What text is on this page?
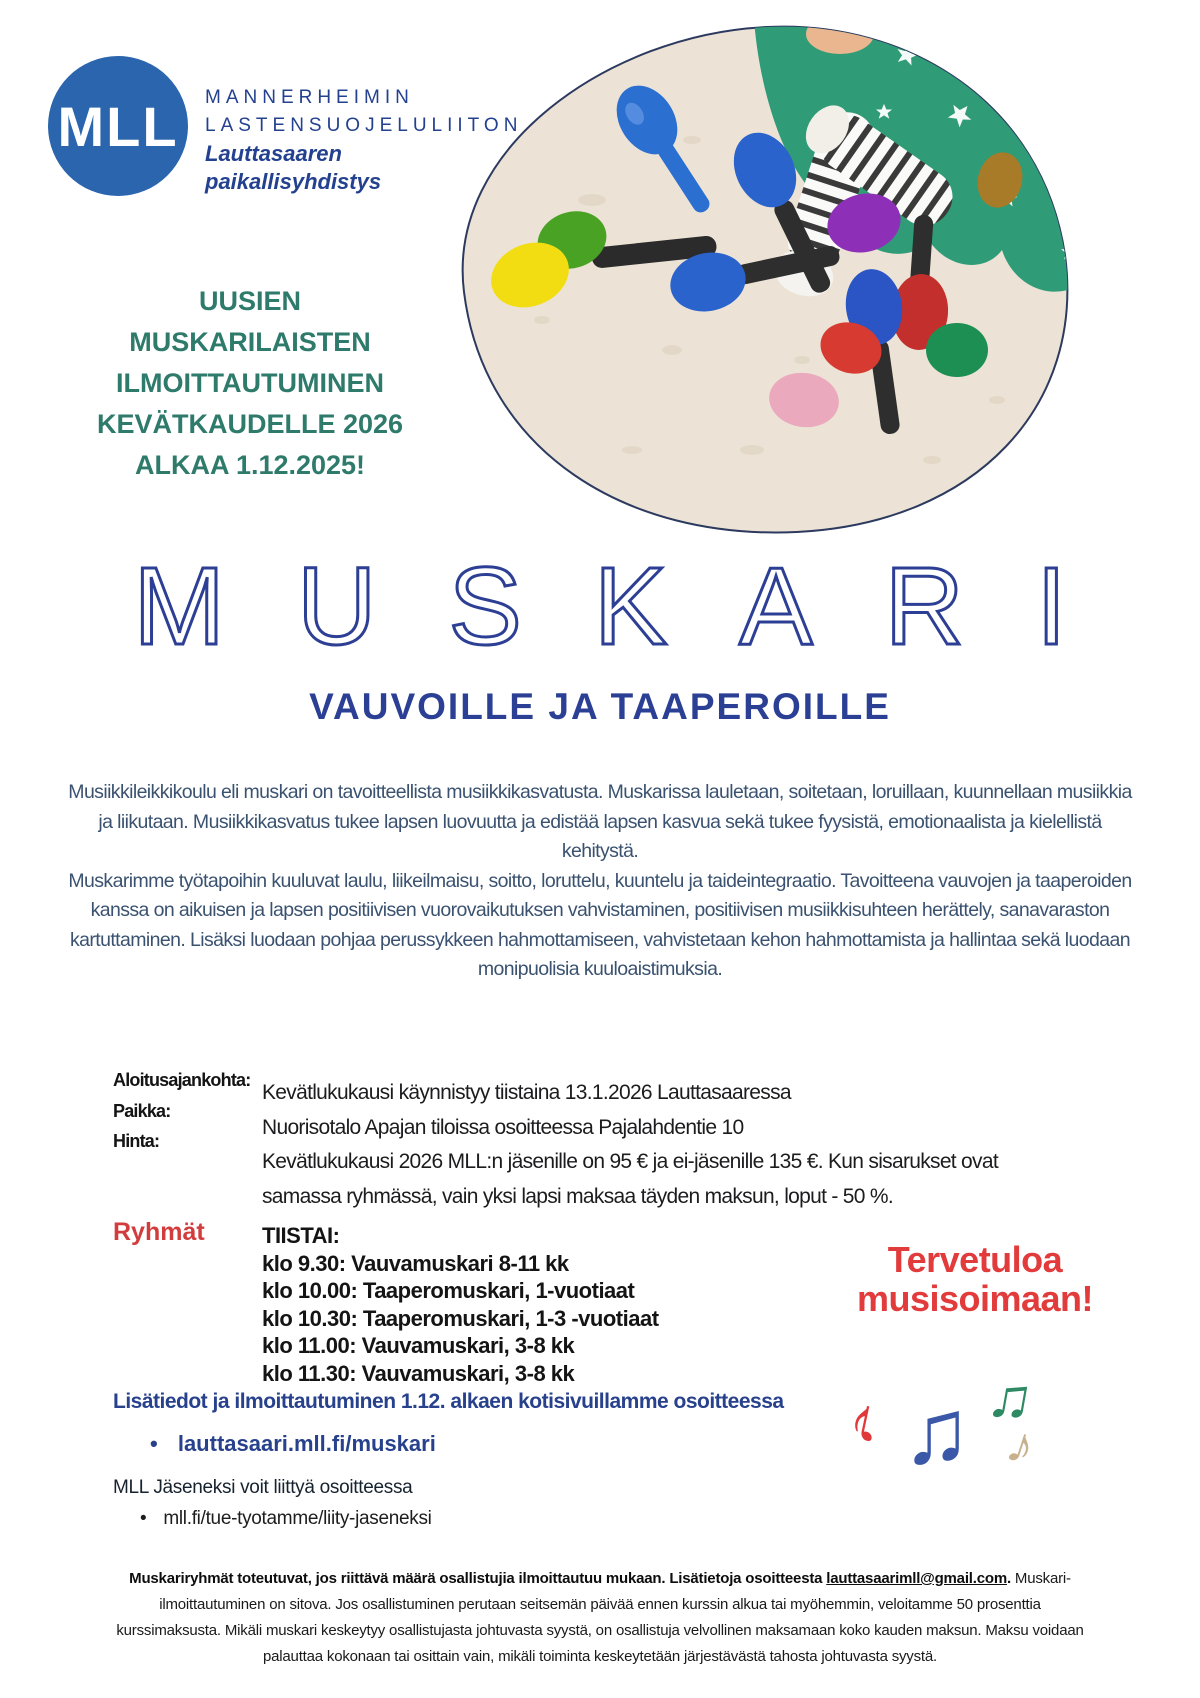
MLL MANNERHEIMIN
LASTENSUOJELULIITON
Lauttasaaren
paikallisyhdistys
UUSIEN
MUSKARILAISTEN
ILMOITTAUTUMINEN
KEVÄTKAUDELLE 2026
ALKAA 1.12.2025!
MUSKARI
VAUVOILLE JA TAAPEROILLE

Musiikkileikkikoulu eli muskari on tavoitteellista musiikkikasvatusta. Muskarissa lauletaan, soitetaan, loruillaan, kuunnellaan musiikkia ja liikutaan. Musiikkikasvatus tukee lapsen luovuutta ja edistää lapsen kasvua sekä tukee fyysistä, emotionaalista ja kielellistä kehitystä.

Muskarimme työtapoihin kuuluvat laulu, liikeilmaisu, soitto, loruttelu, kuuntelu ja taideintegraatio. Tavoitteena vauvojen ja taaperoiden kanssa on aikuisen ja lapsen positiivisen vuorovaikutuksen vahvistaminen, positiivisen musiikkisuhteen herättely, sanavaraston kartuttaminen. Lisäksi luodaan pohjaa perussykkeen hahmottamiseen, vahvistetaan kehon hahmottamista ja hallintaa sekä luodaan monipuolisia kuuloaistimuksia.

Aloitusajankohta:
Paikka:
Hinta:
Kevätlukukausi käynnistyy tiistaina 13.1.2026 Lauttasaaressa
Nuorisotalo Apajan tiloissa osoitteessa Pajalahdentie 10
Kevätlukukausi 2026 MLL:n jäsenille on 95 € ja ei-jäsenille 135 €. Kun sisarukset ovat
samassa ryhmässä, vain yksi lapsi maksaa täyden maksun, loput - 50 %.
Ryhmät	TIISTAI:
klo 9.30: Vauvamuskari 8-11 kk
klo 10.00: Taaperomuskari, 1-vuotiaat
klo 10.30: Taaperomuskari, 1-3 -vuotiaat
klo 11.00: Vauvamuskari, 3-8 kk
klo 11.30: Vauvamuskari, 3-8 kk
Tervetuloa
musisoimaan!
Lisätiedot ja ilmoittautuminen 1.12. alkaen kotisivuillamme osoitteessa
• lauttasaari.mll.fi/muskari
MLL Jäseneksi voit liittyä osoitteessa
• mll.fi/tue-tyotamme/liity-jaseneksi
♪ ♫ ♫
♪
Muskariryhmät toteutuvat, jos riittävä määrä osallistujia ilmoittautuu mukaan. Lisätietoja osoitteesta lauttasaarimll@gmail.com. Muskari-ilmoittautuminen on sitova. Jos osallistuminen perutaan seitsemän päivää ennen kurssin alkua tai myöhemmin, veloitamme 50 prosenttia kurssimaksusta. Mikäli muskari keskeytyy osallistujasta johtuvasta syystä, on osallistuja velvollinen maksamaan koko kauden maksun. Maksu voidaan palauttaa kokonaan tai osittain vain, mikäli toiminta keskeytetään järjestävästä tahosta johtuvasta syystä.
